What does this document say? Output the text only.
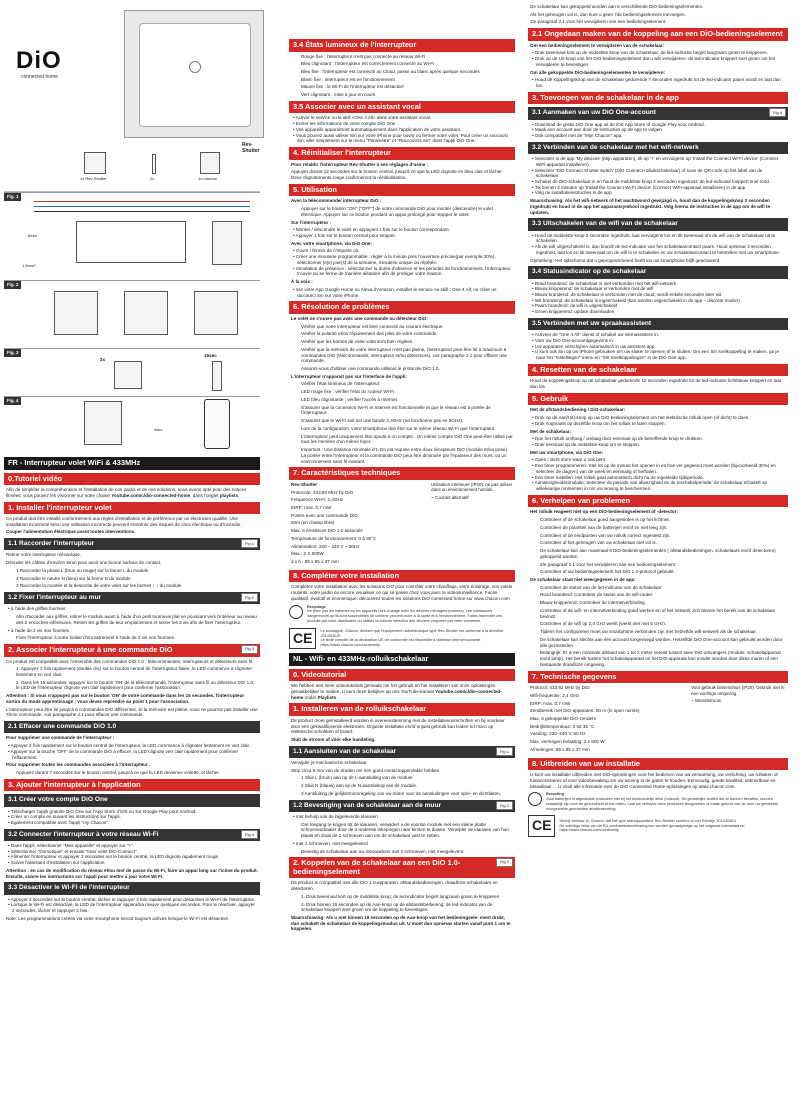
DiO
connected home
Rev-Shutter
1x Rev-Shutter	2x	1x manual
Fig. 1
8mm
1,5mm²
Fig. 2
Fig. 3
2x
15sec
Fig. 4
3sec
FR - Interrupteur volet WiFi & 433MHz
0.Tutoriel vidéo

Afin de simplifier la compréhension et l'installation de nos packs et de nos solutions, nous avons opté pour des notices filmées: vous pouvez les visionner sur notre chaine Youtube.com/c/dio-connected-home, dans l'onglet playlists.

1. Installer l'interrupteur volet

Ce produit doit être installé conformément aux règles d'installation et de préférence par un électricien qualifié. Une installation incorrecte et/ou une utilisation incorrecte peuvent entraîner des risques de choc électrique ou d'incendie.

Couper l'alimentation électrique avant toutes interventions.

1.1 Raccorder l'interrupteur	Fig.1

Retirer votre interrupteur mécanique.

Dénuder les câbles d'environ 8mm pour avoir une bonne surface de contact.

1 Raccorder la phase L (brun ou rouge) sur la borne L du module

2 Raccorder le neutre N (bleu) sur la borne N du module

3 Raccorder la montée et la descente de votre volet sur les bornes ↑ ↓ du module

1.2 Fixer l'interrupteur au mur	Fig.2
• à l'aide des griffes fournies

Afin d'accéder aux griffes, retirer le module avant à l'aide d'un petit tournevis plat en poussant vers l'intérieur au niveau des 2 encoches inférieures. Retirer les griffes de leur emplacement et serrer les 2 vis afin de fixer l'interrupteur.

• à l'aide de 2 vis non fournies

Fixer l'interrupteur à votre boitier d'encastrement à l'aide de 2 vis non fournies.

2. Associer l'interrupteur à une commande DiO	Fig.3

Ce produit est compatible avec l'ensemble des commandes DiO 1.0 : télécommandes, interrupteurs et détecteurs sans fil.

1. Appuyez 2 fois rapidement (double clic) sur le bouton central de l'interrupteur filaire, le LED commence à clignoter lentement en vert clair.

2. Dans les 15 secondes, appuyer sur le bouton 'ON' de la télécommande, l'interrupteur sans fil ou détecteur DiO 1.0, le LED de l'interrupteur clignote vert clair rapidement pour confirmer l'association.

Attention : Si vous n'appuyez pas sur le bouton 'ON' de votre commande dans les 15 secondes, l'interrupteur sortira du mode apprentissage ; vous devez reprendre au point 1 pour l'association.

L'interrupteur peut être lié jusqu'à 6 commandes DiO différentes. Si la mémoire est pleine, vous ne pourrez pas installer une 7ème commande, voir paragraphe 2.1 pour effacer une commande.

2.1 Effacer une commande DiO 1.0

Pour supprimer une commande de l'interrupteur :

• Appuyer 2 fois rapidement sur le bouton central de l'interrupteur, la LED commence à clignoter lentement en vert clair.
• Appuyer sur la touche 'OFF' de la commande DiO à effacer, la LED clignote vert clair rapidement pour confirmer l'effacement.

Pour supprimer toutes les commandes associées à l'interrupteur :

Appuyez durant 7 secondes sur le bouton central, jusqu'à ce que la LED devienne violette, et lâcher.

3. Ajouter l'interrupteur à l'application
3.1 Créer votre compte DiO One
• Télécharger l'appli gratuite DiO One sur l'App Store d'iOS ou sur Google Play pour Android.
• Créer un compte en suivant les instructions sur l'appli.
• Également compatible avec l'appli "my Chacon".
3.2 Connecter l'interrupteur à votre réseau Wi-Fi	Fig.4
• Dans l'appli, sélectionner "Mes appareils" et appuyer sur "+".
• Sélectionner "Domotique" et ensuite "Inter volet DiO Connect".
• Alimenter l'interrupteur et appuyer 3 secondes sur le bouton central, la LED clignote rapidement rouge.
• Suivre l'assistant d'installation sur l'application.

Attention : en cas de modification du réseau et/ou mot de passe du Wi-Fi, faire un appui long sur l'icône du produit. Ensuite, suivre les instructions sur l'appli pour mettre à jour votre Wi-Fi.

3.3 Désactiver le Wi-Fi de l'interrupteur
• Appuyer 3 secondes sur le bouton central, lâcher et rappuyer 2 fois rapidement pour désactiver le Wi-Fi de l'interrupteur.
• Lorsque le Wi-Fi est désactivé, la LED de l'interrupteur apparaîtra mauve quelques secondes. Pour le réactiver, appuyer 3 secondes, lâcher et rappuyer 2 fois.

Note: Les programmations créées via votre smartphone seront toujours actives lorsque le Wi-Fi est désactivé.

3.4 États lumineux de l'interrupteur

Rouge fixe : l'interrupteur n'est pas connecté au réseau Wi-Fi

Bleu clignotant : l'interrupteur est correctement connecté au Wi-Fi

Bleu fixe : l'interrupteur est connecté au Cloud, passe au blanc après quelque secondes

Blanc fixe : interrupteur est en fonctionnement

Mauve fixe : le Wi-Fi de l'interrupteur est désactivé

Vert clignotant : mise à jour en cours

3.5 Associer avec un assistant vocal
• Activer le service ou la skill «One 4 All» dans votre assistant vocal.
• Entrer les informations de votre compte DiO One.
• Vos appareils apparaîtront automatiquement dans l'application de votre assistant.
• Vous pouvez aussi utiliser Siri sur votre iPhone pour ouvrir ou fermer votre volet. Pour créer un raccourci Siri, aller simplement sur le menu "Paramètre" et "Raccourcis Siri" dans l'appli DiO One.
4. Réinitialiser l'interrupteur

Pour rétablir l'interrupteur Rev-Shutter à ses réglages d'usine :

Appuyer durant 12 secondes sur le bouton central, jusqu'à ce que la LED clignote en bleu clair et lâcher. Deux clignotements rouge confirmeront la réinitialisation.

5. Utilisation

Avec la télécommande/ interrupteur DiO :

Appuyer sur le bouton "ON" ("OFF") de votre commande DiO pour monter (descendre) le volet électrique. Appuyer sur ce bouton pendant un appui prolongé pour stopper le volet.

Sur l'interrupteur :

• Monter / descendre le volet en appuyant 1 fois sur le bouton correspondant.
• Appuyer 1 fois sur le bouton central pour stopper.

Avec votre smartphone, via DiO One:

• Ouvrir / fermer de n'importe où.
• Créer une minuterie programmable : régler à la minute près l'ouverture précise(par exemple 30%), sélectionner le(s) jour(s) de la semaine, minuterie unique ou répétée.
• Simulation de présence : sélectionner la durée d'absence et les périodes de fonctionnement, l'interrupteur s'ouvre ou se ferme de manière aléatoire afin de protéger votre maison.

À la voix :

• Sur votre App Google Home ou Alexa d'Amazon, installer le service ou skill : One 4 All; ou créer un raccourci Siri sur votre iPhone.
6. Résolution de problèmes

Le volet ne s'ouvre pas avec une commande ou détecteur DiO:

Vérifier que votre interrupteur est bien connecté au courant électrique.

Vérifier la polarité et/ou l'épuisement des piles de votre commande.

Vérifier que les bornes de votre volet sont bien réglées.

Vérifier que la mémoire de votre interrupteur n'est pas pleine, l'interrupteur peut être lié à maximum 6 commandes DiO (télécommande, interrupteur et/ou détecteurs), voir paragraphe 2.1 pour effacer une commande.

Assurez-vous d'utiliser une commande utilisant le protocole DiO 1.0.

L'interrupteur n'apparait pas sur l'interface de l'appli:

Vérifier l'état lumineux de l'interrupteur:

LED rouge fixe : vérifier l'état du routeur Wi-Fi.

LED bleu clignotante : vérifier l'accès à Internet.

S'assurer que la connexion Wi-Fi et Internet est fonctionnelle et que le réseau est à portée de l'interrupteur.

S'assurer que le Wi-Fi soit sur une bande 2,4GHz (ne fonctionne pas en 5GHz).

Lors de la configuration, votre smartphone doit être sur le même réseau Wi-Fi que l'interrupteur.

L'interrupteur peut uniquement être ajouté à un compte . Un même compte DiO One peut-être utilisé par tous les membre d'un même foyer.

Important : Une distance minimale d'1-2m est requise entre deux récepteurs DiO (module et/ou prise). La portée entre l'interrupteur et la commande DiO peut être diminuée par l'épaisseur des murs, ou un environnement sans fil existant.

7. Caractéristiques techniques

Rev-Shutter

Protocole: 433,92 MHz by DiO

Fréquence Wi-Fi: 2,4GHz

EIRP: max. 0,7 mW

Portée avec une commande DiO:

50m (en champ libre)

Max. 6 émetteurs DiO 1.0 associés

Température de fonctionnement: 0 à 35°C

Alimentation: 220 – 240 V ~ 50Hz

Max.: 2 X 600W

d x h : 85 x 85 x 37 mm

Utilisation intérieure (IP20), ne pas utiliser dans un environnement humide.

~ Courant alternatif

8. Compléter votre installation

Complétez votre installation avec les solutions DiO pour contrôler votre chauffage, votre éclairage, vos volets roulants, votre jardin ou encore visualiser ce qui se passe chez vous avec la vidéosurveillance. Facile, qualitatif, évolutif et économique, découvrez toutes les solutions DiO connected home sur www.chacon.com

Recyclage
Ne jetez pas les batteries ou les appareils hors d'usage avec les déchets ménagers (ordures). Les substances dangereuses qu'ils sont susceptibles de contenir peuvent nuire à la santé et à l'environnement. Faites reprendre ces produits par votre distributeur ou utilisez la collecte sélective des déchets proposée par votre commune.
CE	Le soussigné, Chacon, déclare que l'équipement radioélectrique type Rev-Shutter est conforme à la directive 2014/53/UE.
Le texte complet de la déclaration UE de conformité est disponible à l'adresse internet suivante: https://www.chacon.com/conformity
NL - Wifi- en 433MHz-rolluikschakelaar
0. Videotutorial

We hebben een serie videotutorials gemaakt om het gebruik en het installeren van onze oplossingen gemakkelijker te maken. U kunt deze bekijken op ons YouTube-kanaal Youtube.com/c/dio-connected-home onder Playlists.

1. Installeren van de rolluikschakelaar

Dit product moet geïnstalleerd worden in overeenstemming met de installatievoorschriften en bij voorkeur door een gekwalificeerde elektricien. Onjuiste installatie en/of onjuist gebruik kan leiden tot risico op elektrische schokken of brand.

Sluit de stroom af vóór elke handeling.

1.1 Aansluiten van de schakelaar	Fig.1

Verwijder je mechanische schakelaar.

Strip circa 8 mm van de draden om een goed contactoppervlakte hebben.

1 Sluit L (bruin) aan op de L-aansluiting van de module

2 Sluit N (blauw) aan op de N-aansluiting van de module.

3 Aansluiting de gelijkstroomregeling van uw motor voor de aansluitingen voor op/e- en dichtlieten.

1.2 Bevestiging van de schakelaar aan de muur	Fig.2
• met behulp van de bijgeleverde klauwen

Om toegang te krijgen tot de klauwen, verwijdert u de voorste module met een kleine platte schroevendraaier door de 2 onderste inkepingen naar binnen te duwen. Verwijder de klauwen van hun plaats en draai de 2 schroeven aan om de schakelaar vast te zetten.

• met 2 schroeven, niet meegeleverd

Bevestig de schakelaar aan uw inbouwdoos met 2 schroeven, niet meegeleverd.

2. Koppelen van de schakelaar aan een DiO 1.0-bedieningselement
Fig.3

Dit product is compatibel met alle DiO 1.0-apparaten: afstandsbedieningen, draadloze schakelaars en detectoren.

1. Druk tweemaal kort op de middelste knop; de led-indicator begint langzaam groen te knipperen.

2. Druk binnen 15 seconden op de Aan-knop op de afstandsbediening; de led-indicator van de schakelaar knippert snel groen om de koppeling te bevestigen.

Waarschuwing: Als u niet binnen 15 seconden op de Aan-knop van het bedieningsele- ment drukt, dan schakelt de schakelaar de koppelingsmodus uit. U moet dan opnieuw starten vanaf punt 1 om te koppelen.

De schakelaar kan gekoppeld worden aan 6 verschillende DiO-bedieningselementen.

Als het geheugen vol is, dan kunt u geen 7de bedieningselement toevoegen.

Zie paragraaf 2.1 voor het verwijderen van een bedieningselement.

2.1 Ongedaan maken van de koppeling aan een DiO-bedieningselement

Om een bedieningselement te verwijderen van de schakelaar:

• Druk tweemaal kort op de middelste knop van de schakelaar; de led-indicator begint langzaam groen te knipperen.
• Druk op de Uit-knop van het DiO-bedieningselement dat u wilt verwijderen; de led-indicator knippert snel groen om het verwijderen te bevestigen.

Om alle gekoppelde DiO-bedieningselementen te verwijderen:

• Houd de koppelingsknop van de schakelaar gedurende 7 seconden ingedrukt tot de led-indicator paars wordt en laat dan los.
3. Toevoegen van de schakelaar in de app
3.1 Aanmaken van uw DiO One-account	Fig.4
• Download de gratis DiO One app uit de iOS App Store of Google Play voor Android.
• Maak een account aan door de instructies op de app te volgen.
• Ook compatibel met de "Mijn Chacon" app.
3.2 Verbinden van de schakelaar met het wifi-netwerk
• Selecteer in de app 'My devices' (Mijn apparaten), tik op '+' en vervolgens op 'Install the Connect Wi-Fi device' (Connect WiFi-apparaat installeren).
• Selecteer 'DiO Connect Shutter switch' (DiO Connect-rolluikschakelaar) of scan de QR-code op het label van de schakelaar.
• Schakel de DiO-schakelaar in en houd de middelste knop 3 seconden ingedrukt; de led-indicator knippert snel rood.
• Tik binnen 3 minuten op 'Install the Connect Wi-Fi device' (Connect WiFi-apparaat installeren) in de app.
• Volg de installatieinstructies in de app.

Waarschuwing: Als het wifi-netwerk of het wachtwoord gewijzigd is, houd dan de koppelingsknop 3 seconden ingedrukt en houd in de app het apparaatsymbool ingedrukt. Volg hierna de instructies in de app om de wifi te updaten.

3.3 Uitschakelen van de wifi van de schakelaar
• Houd de middelste knop 3 seconden ingedrukt, laat vervolgens los en tik tweemaal om de wifi van de schakelaar uit te schakelen.
• Als de wifi uitgeschakeld is, dan brandt de led-indicator van het schakelaarcontact paars. Houd opnieuw 3 seconden ingedrukt, laat los en tik tweemaal om de wifi in te schakelen en uw schakelaarcontact te herstellen met uw smartphone.

Opmerking: Het tijdschema dat u geprogrammeerd heeft via uw smartphone blijft geactiveerd.

3.4 Statusindicator op de schakelaar
• Rood brandend: de schakelaar is niet verbonden met het wifi-netwerk
• Blauw knipperend: de schakelaar is verbonden met de wifi
• Blauw brandend: de schakelaar is verbonden met de cloud; wordt enkele seconden later wit
• Wit brandend: de schakelaar is ingeschakeld (kan worden uitgeschakeld in de app – discrete modus)
• Paars brandend: de wifi is uitgeschakeld
• Groen knipperend: update downloaden
3.5 Verbinden met uw spraakassistent
• Activeer de "One 4 All" dienst of schakel uw stemassistent in.
• Voer uw DiO One accountgegevens in.
• Uw apparaten verschijnen automatisch in uw assistent app.
• U kunt ook Siri op uw iPhone gebruiken om uw sluiter te openen of te sluiten. Om een Siri snelkoppeling te maken, ga je naar het "Instellingen" menu en "Siri Snelkoppelingen" in de DiO One app.
4. Resetten van de schakelaar

Houd de koppelingsknop op de schakelaar gedurende 12 seconden ingedrukt tot de led-indicator lichtblauw knippert en laat dan los.

5. Gebruik

Met de afstandsbediening / DiO-schakelaar:

• Druk op de Aan/Uit)-knop op uw DiO-bedieningselement om het elektrische rolluik open (of dicht) te doen.
• Druk nogmaals op dezelfde knop om het rolluik te laten stoppen.

Met de schakelaar:

• Doe het rolluik omhoog / omlaag door eenmaal op de betreffende knop te drukken.
• Druk eenmaal op de middelste knop om te stoppen.

Met uw smartphone, via DiO One:

• Open / dicht doen waar u ook bent
• Een timer programmeren: Stel tot op de minuut het openen in en hoe ver gegeend moet worden (bijvoorbeeld 30%) en selecteer de dag(en) van de week en eenmalig of herhalen.
• Een timer instellen: Het rolluik gaat automatisch dicht na de ingestelde tijdsperiode.
• Aanwezigheidssimulatie: Selecteer de periode van afwezigheid en de inschakelperiode; de schakelaar schakelt op willekeurige momenten in om uw woning te beschermen.
6. Verhelpen van problemen

Het rolluik reageert niet op een DiO-bedieningselement of -detector:

Controleer of de schakelaar goed aangesloten is op het lichtnet.

Controleer de polariteit van de batterijen en/of ze niet leeg zijn.

Controleer of de eindpunten van uw rolluik correct ingesteld zijn.

Controleer of het geheugen van uw schakelaar niet vol is.

De schakelaar kan aan maximaal 6 DiO-bedieningselementen ( afstandsbedieningen, schakelaars en/of detectoren) gekoppeld worden.

Zie paragraaf 2.1 voor het verwijderen van een bedieningselement.

Controleer of uw bedieningselement het DiO 1.0-protocol gebruikt.

De schakelaar staat niet weergegeven in de app:

Controleer de status van de led-indicator van de schakelaar:

Rood brandend: Controleer de status van de wifi-router.

Blauw knipperend: Controleer de internetverbinding.

Controleer of de wifi- en internetverbinding goed werken en of het netwerk zich binnen het bereik van de schakelaar bevindt.

Controleer of de wifi op 2,4 GHz werkt (werkt niet met 5 GHz).

Tijdens het configureren moet uw smartphone verbonden zijn met hetzelfde wifi-netwerk als de schakelaar.

De schakelaar kan slechts aan één account toegevoegd worden. Hetzelfde DiO One-account kan gebruikt worden door alle gezinsleden.

Belangrijk: Er is een minimale afstand van 1 tot 2 meter vereist tussen twee DiO-ontvangers (module, schakelapparaat en/of lamp). Het bereik tussen het schakelapparaat en het DiO-apparaat kan minder worden door dikke muren of een bestaande draadloze omgeving.

7. Technische gegevens

Protocol: 433,92 MHz by DiO

Wifi-frequentie: 2,4 GHz

EIRP: max. 0,7 mW

Zendbereik met DiO-apparaten: 50 m (in open ruimte)

Max. 6 gekoppelde DiO-zenders

Bedrijfstemperatuur: 0 tot 35 °C

Voeding: 220–240 V, 50 Hz

Max. vermogen belasting: 2 x 600 W

Afmetingen: 85 x 85 x 37 mm

Voor gebruik binnenshuis (IP20). Gebruik niet in een vochtige omgeving.

~ Wisselstroom

8. Uitbreiden van uw installatie

U kunt uw installatie uitbreiden met DiO-oplossingen voor het bedienen van uw verwarming, uw verlichting, uw rolluiken of tuinaccessoires of voor videobewaking om uw woning in de gaten te houden. Eenvoudig, goede kwaliteit, uitbreidbaar en betaalbaar ... U vindt alle informatie over de DiO Connected Home-oplossingen op www.chacon.com.

Recycling
Gooi batterijen of afgedankte producten niet bij het huishoudelijk afval (huisvuil). De gevaarlijke stoffen die ze kunnen bevatten, kunnen schadelijk zijn voor de gezondheid of het milieu. Laat uw verkoper deze producten terugnemen of maak gebruik van de door uw gemeente voorgestelde gescheiden afvalinzameling.
CE	Hierbij verklaar ik, Chacon, dat het type radioapparatuur Rev-Shutter conform is met Richtlijn 2014/53/EU.
De volledige tekst van de EU-conformiteitsverklaring kan worden geraadpleegd op het volgende internetadres: https://www.chacon.com/conformity
